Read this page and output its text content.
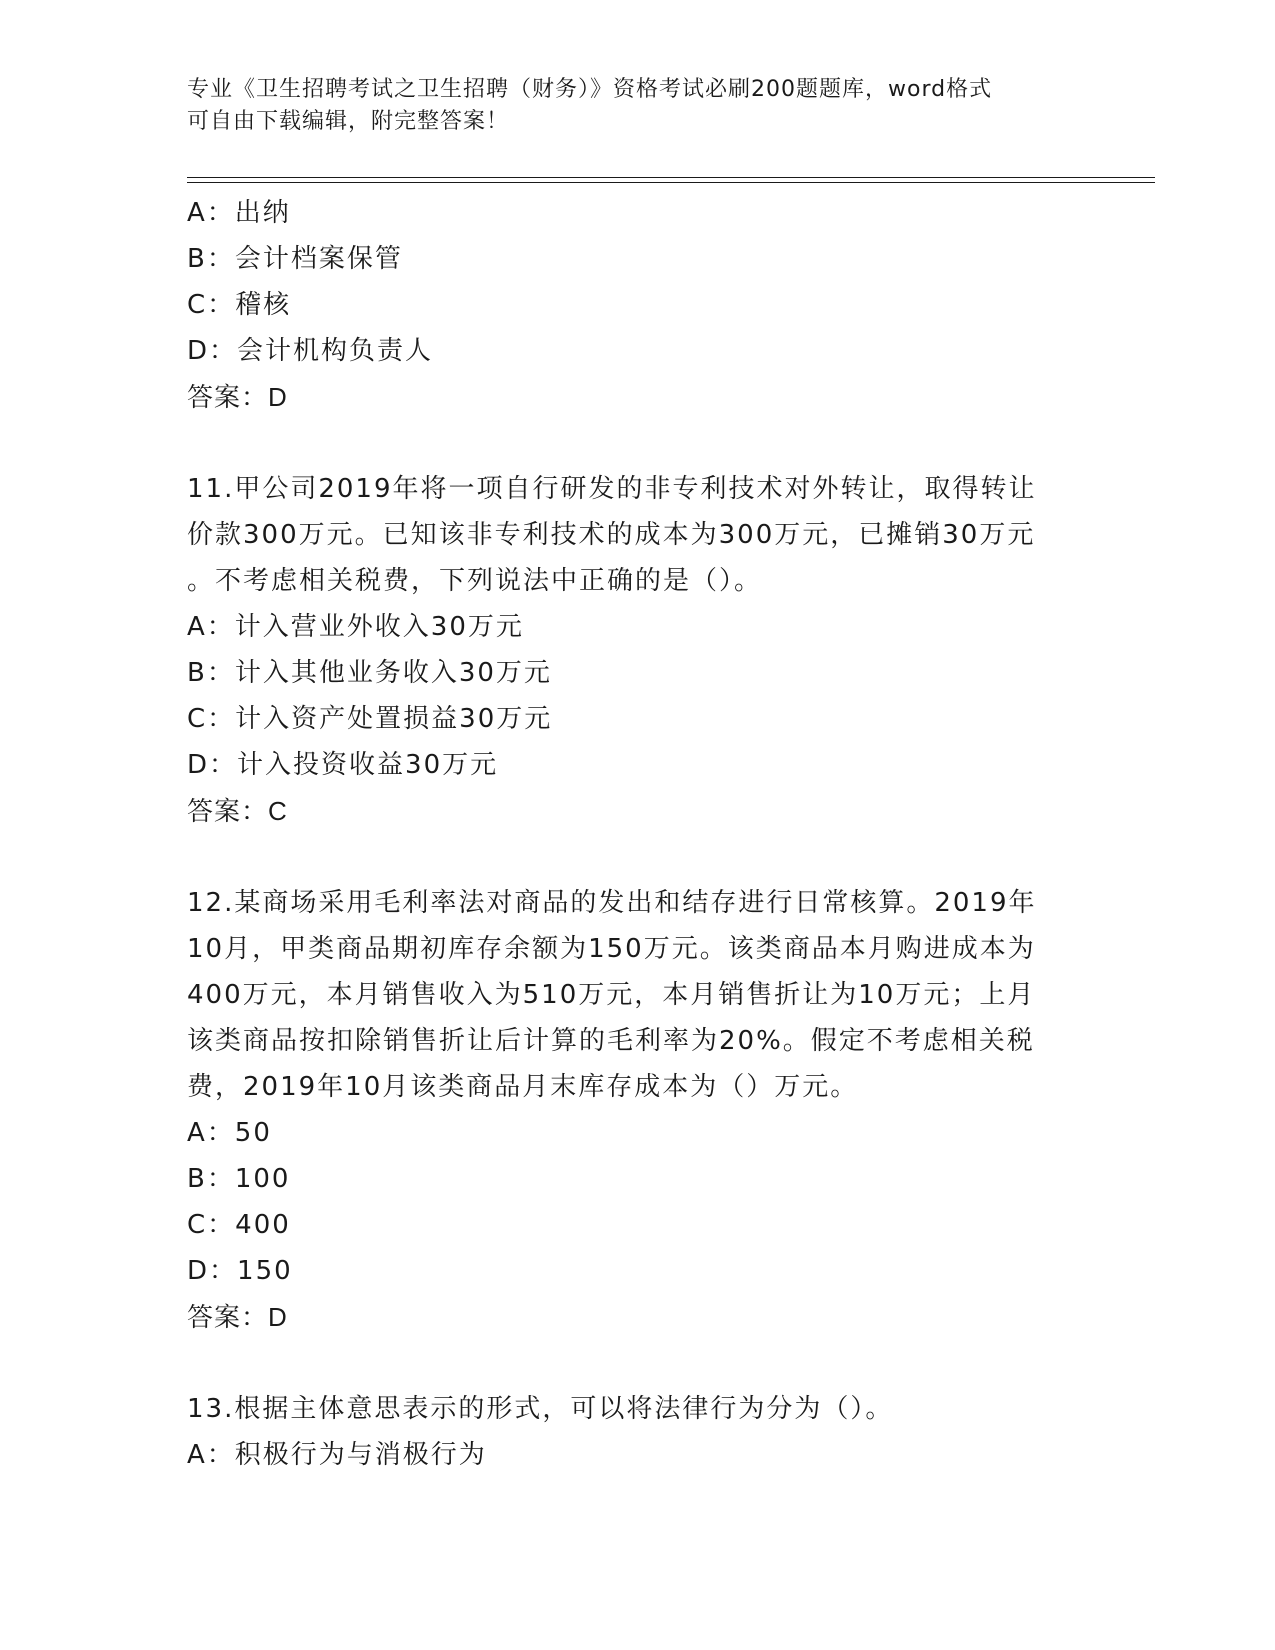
专业《卫生招聘考试之卫生招聘（财务）》资格考试必刷200题题库，word格式
可自由下载编辑，附完整答案！
A：出纳
B：会计档案保管
C：稽核
D：会计机构负责人
答案：D
11.甲公司2019年将一项自行研发的非专利技术对外转让，取得转让
价款300万元。已知该非专利技术的成本为300万元，已摊销30万元
。不考虑相关税费，下列说法中正确的是（）。
A：计入营业外收入30万元
B：计入其他业务收入30万元
C：计入资产处置损益30万元
D：计入投资收益30万元
答案：C
12.某商场采用毛利率法对商品的发出和结存进行日常核算。2019年
10月，甲类商品期初库存余额为150万元。该类商品本月购进成本为
400万元，本月销售收入为510万元，本月销售折让为10万元；上月
该类商品按扣除销售折让后计算的毛利率为20%。假定不考虑相关税
费，2019年10月该类商品月末库存成本为（）万元。
A：50
B：100
C：400
D：150
答案：D
13.根据主体意思表示的形式，可以将法律行为分为（）。
A：积极行为与消极行为
